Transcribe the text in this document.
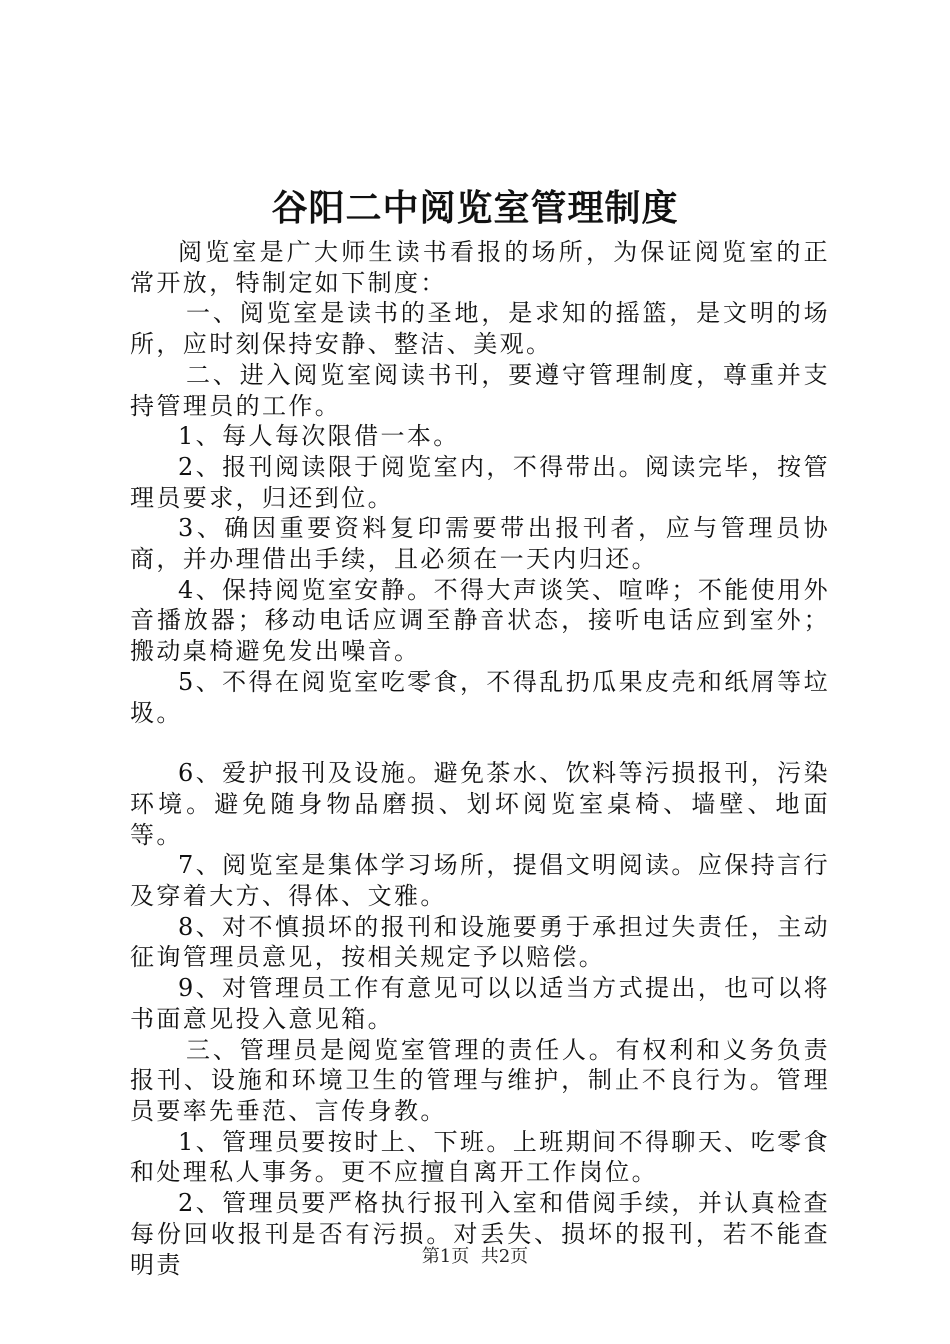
谷阳二中阅览室管理制度

阅览室是广大师生读书看报的场所，为保证阅览室的正常开放，特制定如下制度：

一、阅览室是读书的圣地，是求知的摇篮，是文明的场所，应时刻保持安静、整洁、美观。

二、进入阅览室阅读书刊，要遵守管理制度，尊重并支持管理员的工作。

1、每人每次限借一本。

2、报刊阅读限于阅览室内，不得带出。阅读完毕，按管理员要求，归还到位。

3、确因重要资料复印需要带出报刊者，应与管理员协商，并办理借出手续，且必须在一天内归还。

4、保持阅览室安静。不得大声谈笑、喧哗；不能使用外音播放器；移动电话应调至静音状态，接听电话应到室外；搬动桌椅避免发出噪音。

5、不得在阅览室吃零食，不得乱扔瓜果皮壳和纸屑等垃圾。

6、爱护报刊及设施。避免茶水、饮料等污损报刊，污染环境。避免随身物品磨损、划坏阅览室桌椅、墙壁、地面等。

7、阅览室是集体学习场所，提倡文明阅读。应保持言行及穿着大方、得体、文雅。

8、对不慎损坏的报刊和设施要勇于承担过失责任，主动征询管理员意见，按相关规定予以赔偿。

9、对管理员工作有意见可以以适当方式提出，也可以将书面意见投入意见箱。

三、管理员是阅览室管理的责任人。有权利和义务负责报刊、设施和环境卫生的管理与维护，制止不良行为。管理员要率先垂范、言传身教。

1、管理员要按时上、下班。上班期间不得聊天、吃零食和处理私人事务。更不应擅自离开工作岗位。

2、管理员要严格执行报刊入室和借阅手续，并认真检查每份回收报刊是否有污损。对丢失、损坏的报刊，若不能查明责	第1页  共2页
